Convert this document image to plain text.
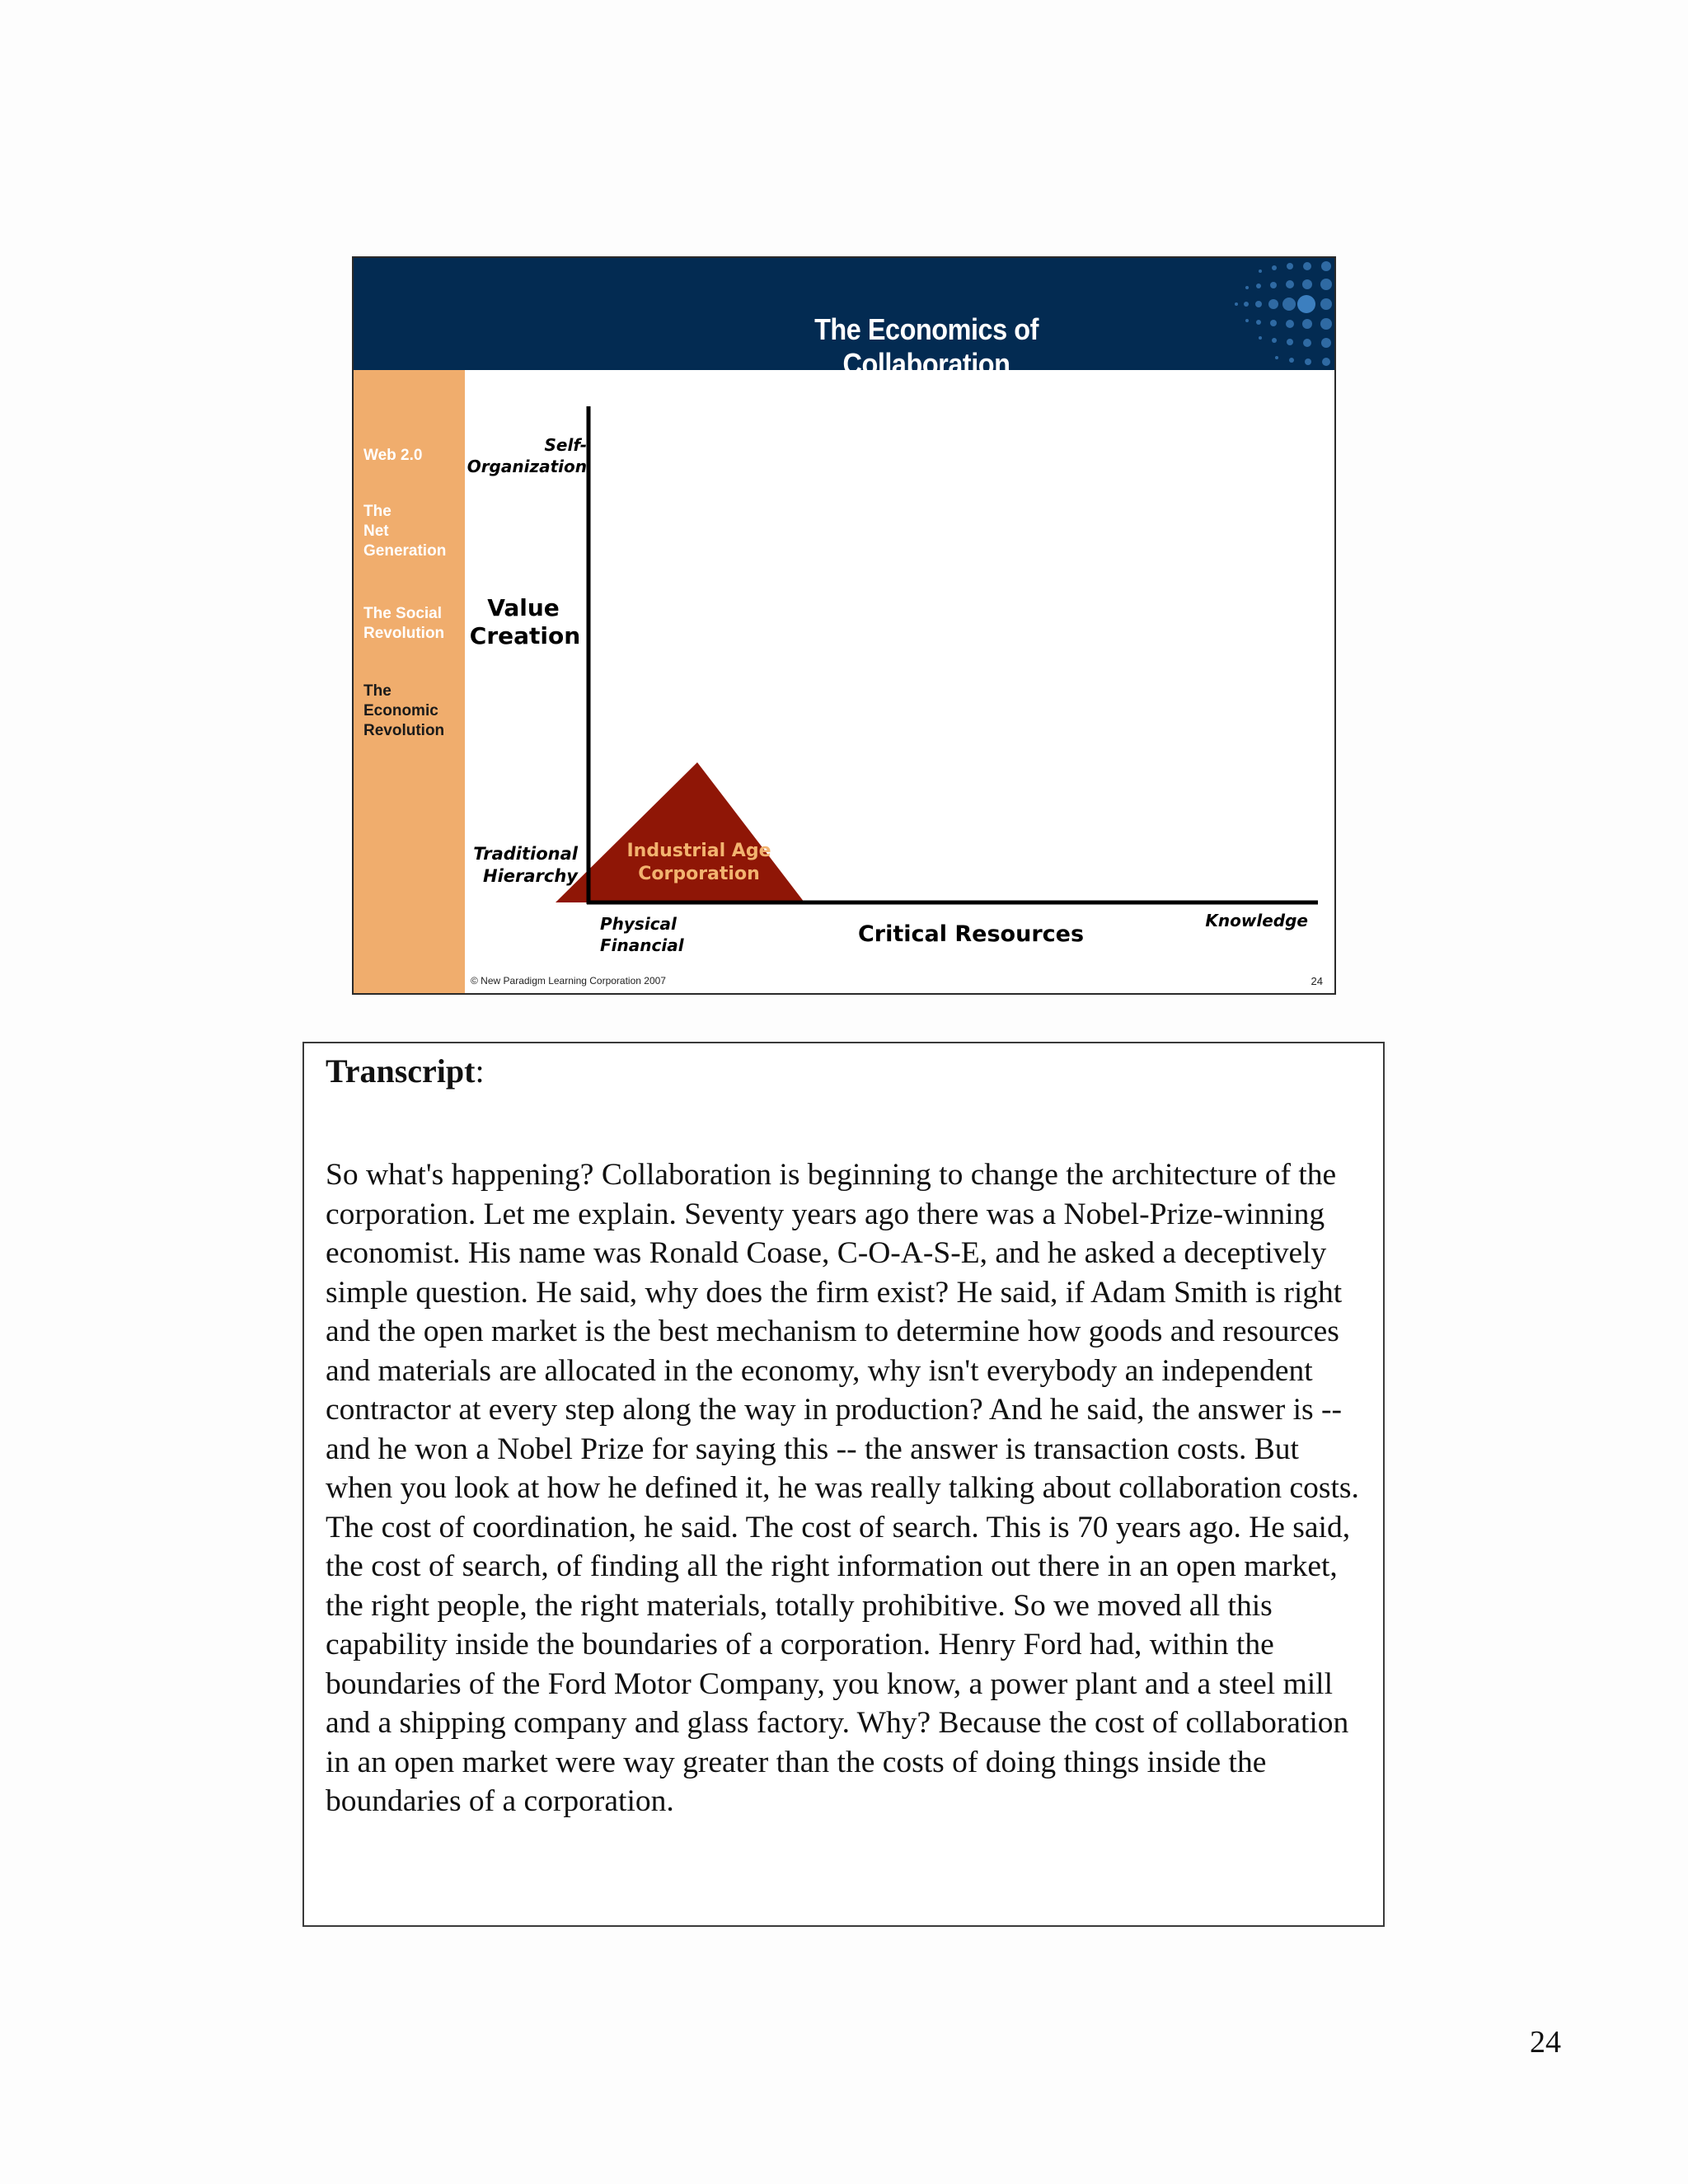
The Economics of Collaboration
Web 2.0
The
Net
Generation
The Social
Revolution
The
Economic
Revolution
Self-
Organization
Value
Creation
Traditional
Hierarchy
Industrial Age
Corporation
Physical
Financial	Critical Resources
Knowledge
© New Paradigm Learning Corporation 2007	24
Transcript:
So what's happening? Collaboration is beginning to change the architecture of the corporation. Let me explain. Seventy years ago there was a Nobel-Prize-winning economist. His name was Ronald Coase, C-O-A-S-E, and he asked a deceptively simple question. He said, why does the firm exist? He said, if Adam Smith is right and the open market is the best mechanism to determine how goods and resources and materials are allocated in the economy, why isn't everybody an independent contractor at every step along the way in production? And he said, the answer is -- and he won a Nobel Prize for saying this -- the answer is transaction costs. But when you look at how he defined it, he was really talking about collaboration costs. The cost of coordination, he said. The cost of search. This is 70 years ago. He said, the cost of search, of finding all the right information out there in an open market, the right people, the right materials, totally prohibitive. So we moved all this capability inside the boundaries of a corporation. Henry Ford had, within the boundaries of the Ford Motor Company, you know, a power plant and a steel mill and a shipping company and glass factory. Why? Because the cost of collaboration in an open market were way greater than the costs of doing things inside the boundaries of a corporation.
24
